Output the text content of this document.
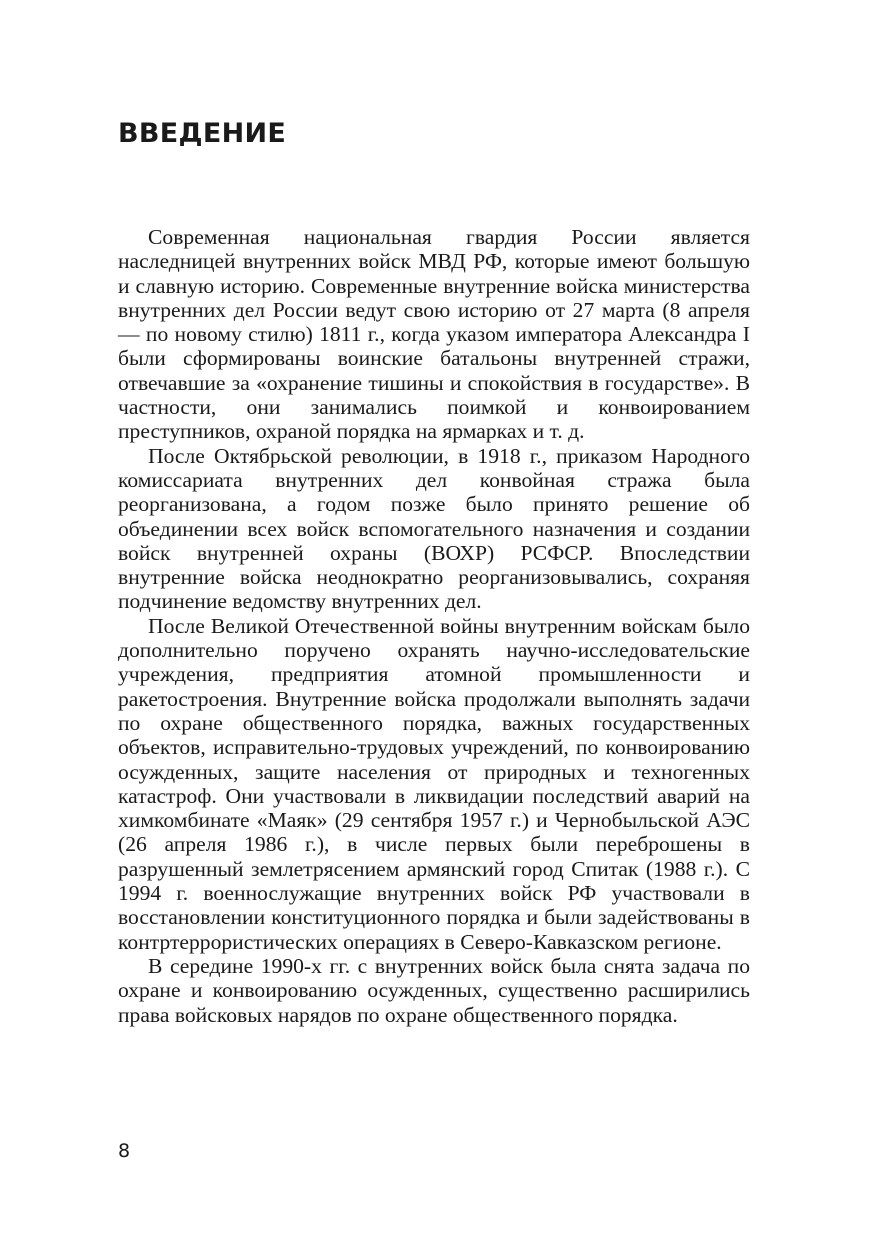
ВВЕДЕНИЕ

Современная национальная гвардия России является наследницей внутренних войск МВД РФ, которые имеют большую и славную историю. Современные внутренние войска министерства внутренних дел России ведут свою историю от 27 марта (8 апреля — по новому стилю) 1811 г., когда указом императора Александра I были сформированы воинские батальоны внутренней стражи, отвечавшие за «охранение тишины и спокойствия в государстве». В частности, они занимались поимкой и конвоированием преступников, охраной порядка на ярмарках и т. д.

После Октябрьской революции, в 1918 г., приказом Народного комиссариата внутренних дел конвойная стража была реорганизована, а годом позже было принято решение об объединении всех войск вспомогательного назначения и создании войск внутренней охраны (ВОХР) РСФСР. Впоследствии внутренние войска неоднократно реорганизовывались, сохраняя подчинение ведомству внутренних дел.

После Великой Отечественной войны внутренним войскам было дополнительно поручено охранять научно-исследовательские учреждения, предприятия атомной промышленности и ракетостроения. Внутренние войска продолжали выполнять задачи по охране общественного порядка, важных государственных объектов, исправительно-трудовых учреждений, по конвоированию осужденных, защите населения от природных и техногенных катастроф. Они участвовали в ликвидации последствий аварий на химкомбинате «Маяк» (29 сентября 1957 г.) и Чернобыльской АЭС (26 апреля 1986 г.), в числе первых были переброшены в разрушенный землетрясением армянский город Спитак (1988 г.). С 1994 г. военнослужащие внутренних войск РФ участвовали в восстановлении конституционного порядка и были задействованы в контртеррористических операциях в Северо-Кавказском регионе.

В середине 1990-х гг. с внутренних войск была снята задача по охране и конвоированию осужденных, существенно расширились права войсковых нарядов по охране общественного порядка.

8
